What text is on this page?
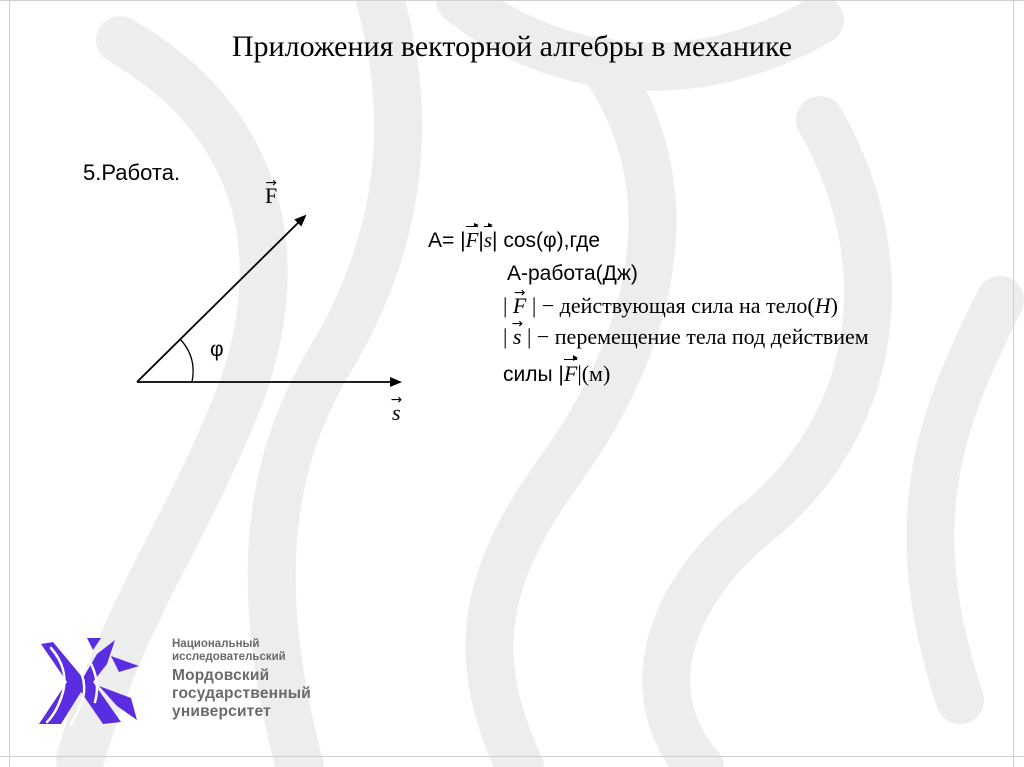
Приложения векторной алгебры в механике
5.Работа.
→ F
→ s
φ
A= |F|s| cos(φ),где
А-работа(Дж)
| → F | − действующая сила на тело(H)
| → s | − перемещение тела под действием
силы |F|(м)
Национальный
исследовательский
Мордовский
государственный
университет
